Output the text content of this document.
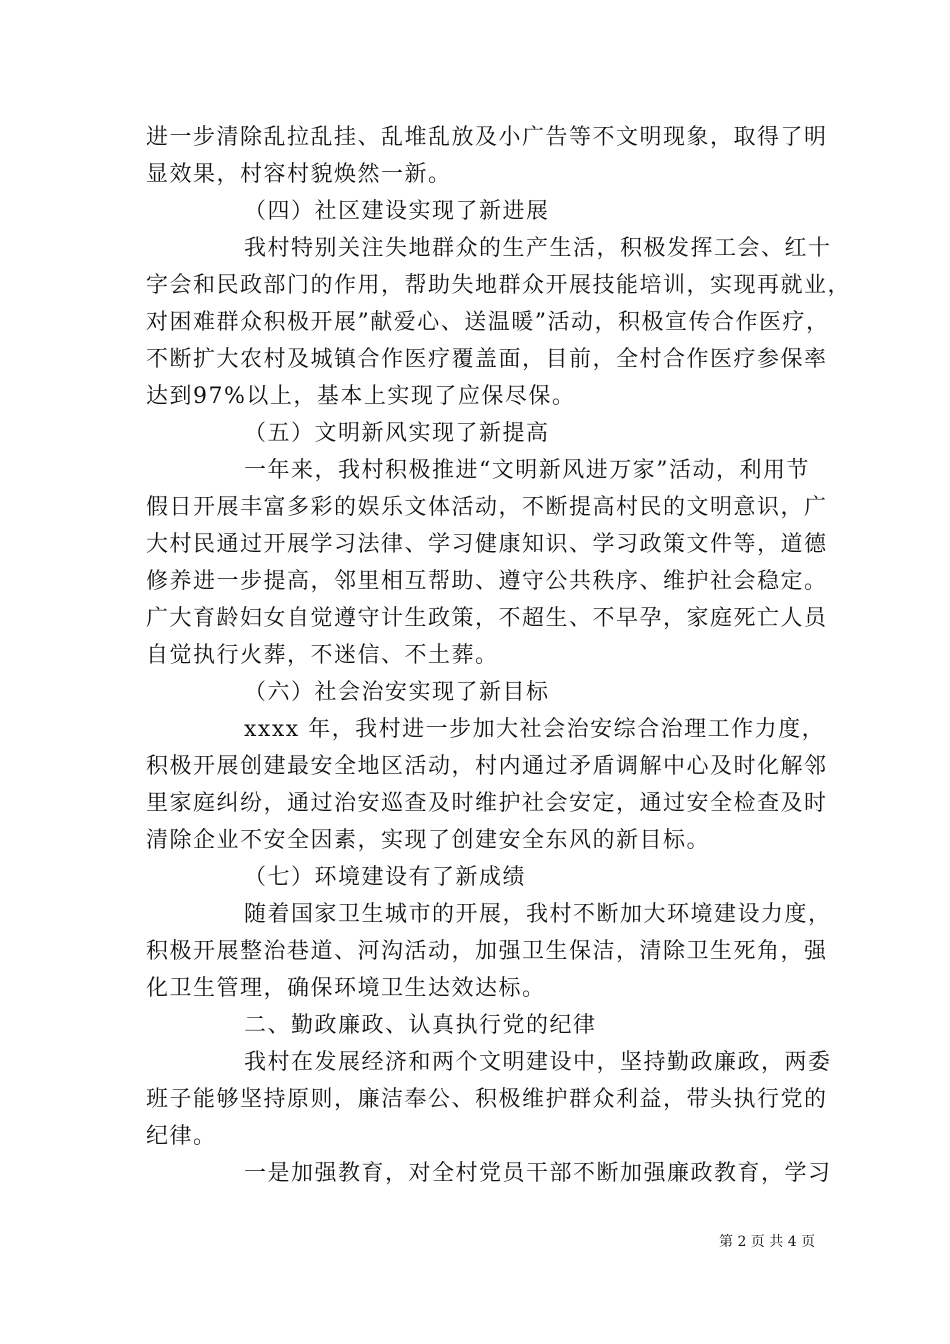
进一步清除乱拉乱挂、乱堆乱放及小广告等不文明现象，取得了明
显效果，村容村貌焕然一新。
（四）社区建设实现了新进展
我村特别关注失地群众的生产生活，积极发挥工会、红十
字会和民政部门的作用，帮助失地群众开展技能培训，实现再就业，
对困难群众积极开展”献爱心、送温暖”活动，积极宣传合作医疗，
不断扩大农村及城镇合作医疗覆盖面，目前，全村合作医疗参保率
达到97%以上，基本上实现了应保尽保。
（五）文明新风实现了新提高
一年来，我村积极推进“文明新风进万家”活动，利用节
假日开展丰富多彩的娱乐文体活动，不断提高村民的文明意识，广
大村民通过开展学习法律、学习健康知识、学习政策文件等，道德
修养进一步提高，邻里相互帮助、遵守公共秩序、维护社会稳定。
广大育龄妇女自觉遵守计生政策，不超生、不早孕，家庭死亡人员
自觉执行火葬，不迷信、不土葬。
（六）社会治安实现了新目标
xxxx 年，我村进一步加大社会治安综合治理工作力度，
积极开展创建最安全地区活动，村内通过矛盾调解中心及时化解邻
里家庭纠纷，通过治安巡查及时维护社会安定，通过安全检查及时
清除企业不安全因素，实现了创建安全东风的新目标。
（七）环境建设有了新成绩
随着国家卫生城市的开展，我村不断加大环境建设力度，
积极开展整治巷道、河沟活动，加强卫生保洁，清除卫生死角，强
化卫生管理，确保环境卫生达效达标。
二、勤政廉政、认真执行党的纪律
我村在发展经济和两个文明建设中，坚持勤政廉政，两委
班子能够坚持原则，廉洁奉公、积极维护群众利益，带头执行党的
纪律。
一是加强教育，对全村党员干部不断加强廉政教育，学习
第 2 页 共 4 页
